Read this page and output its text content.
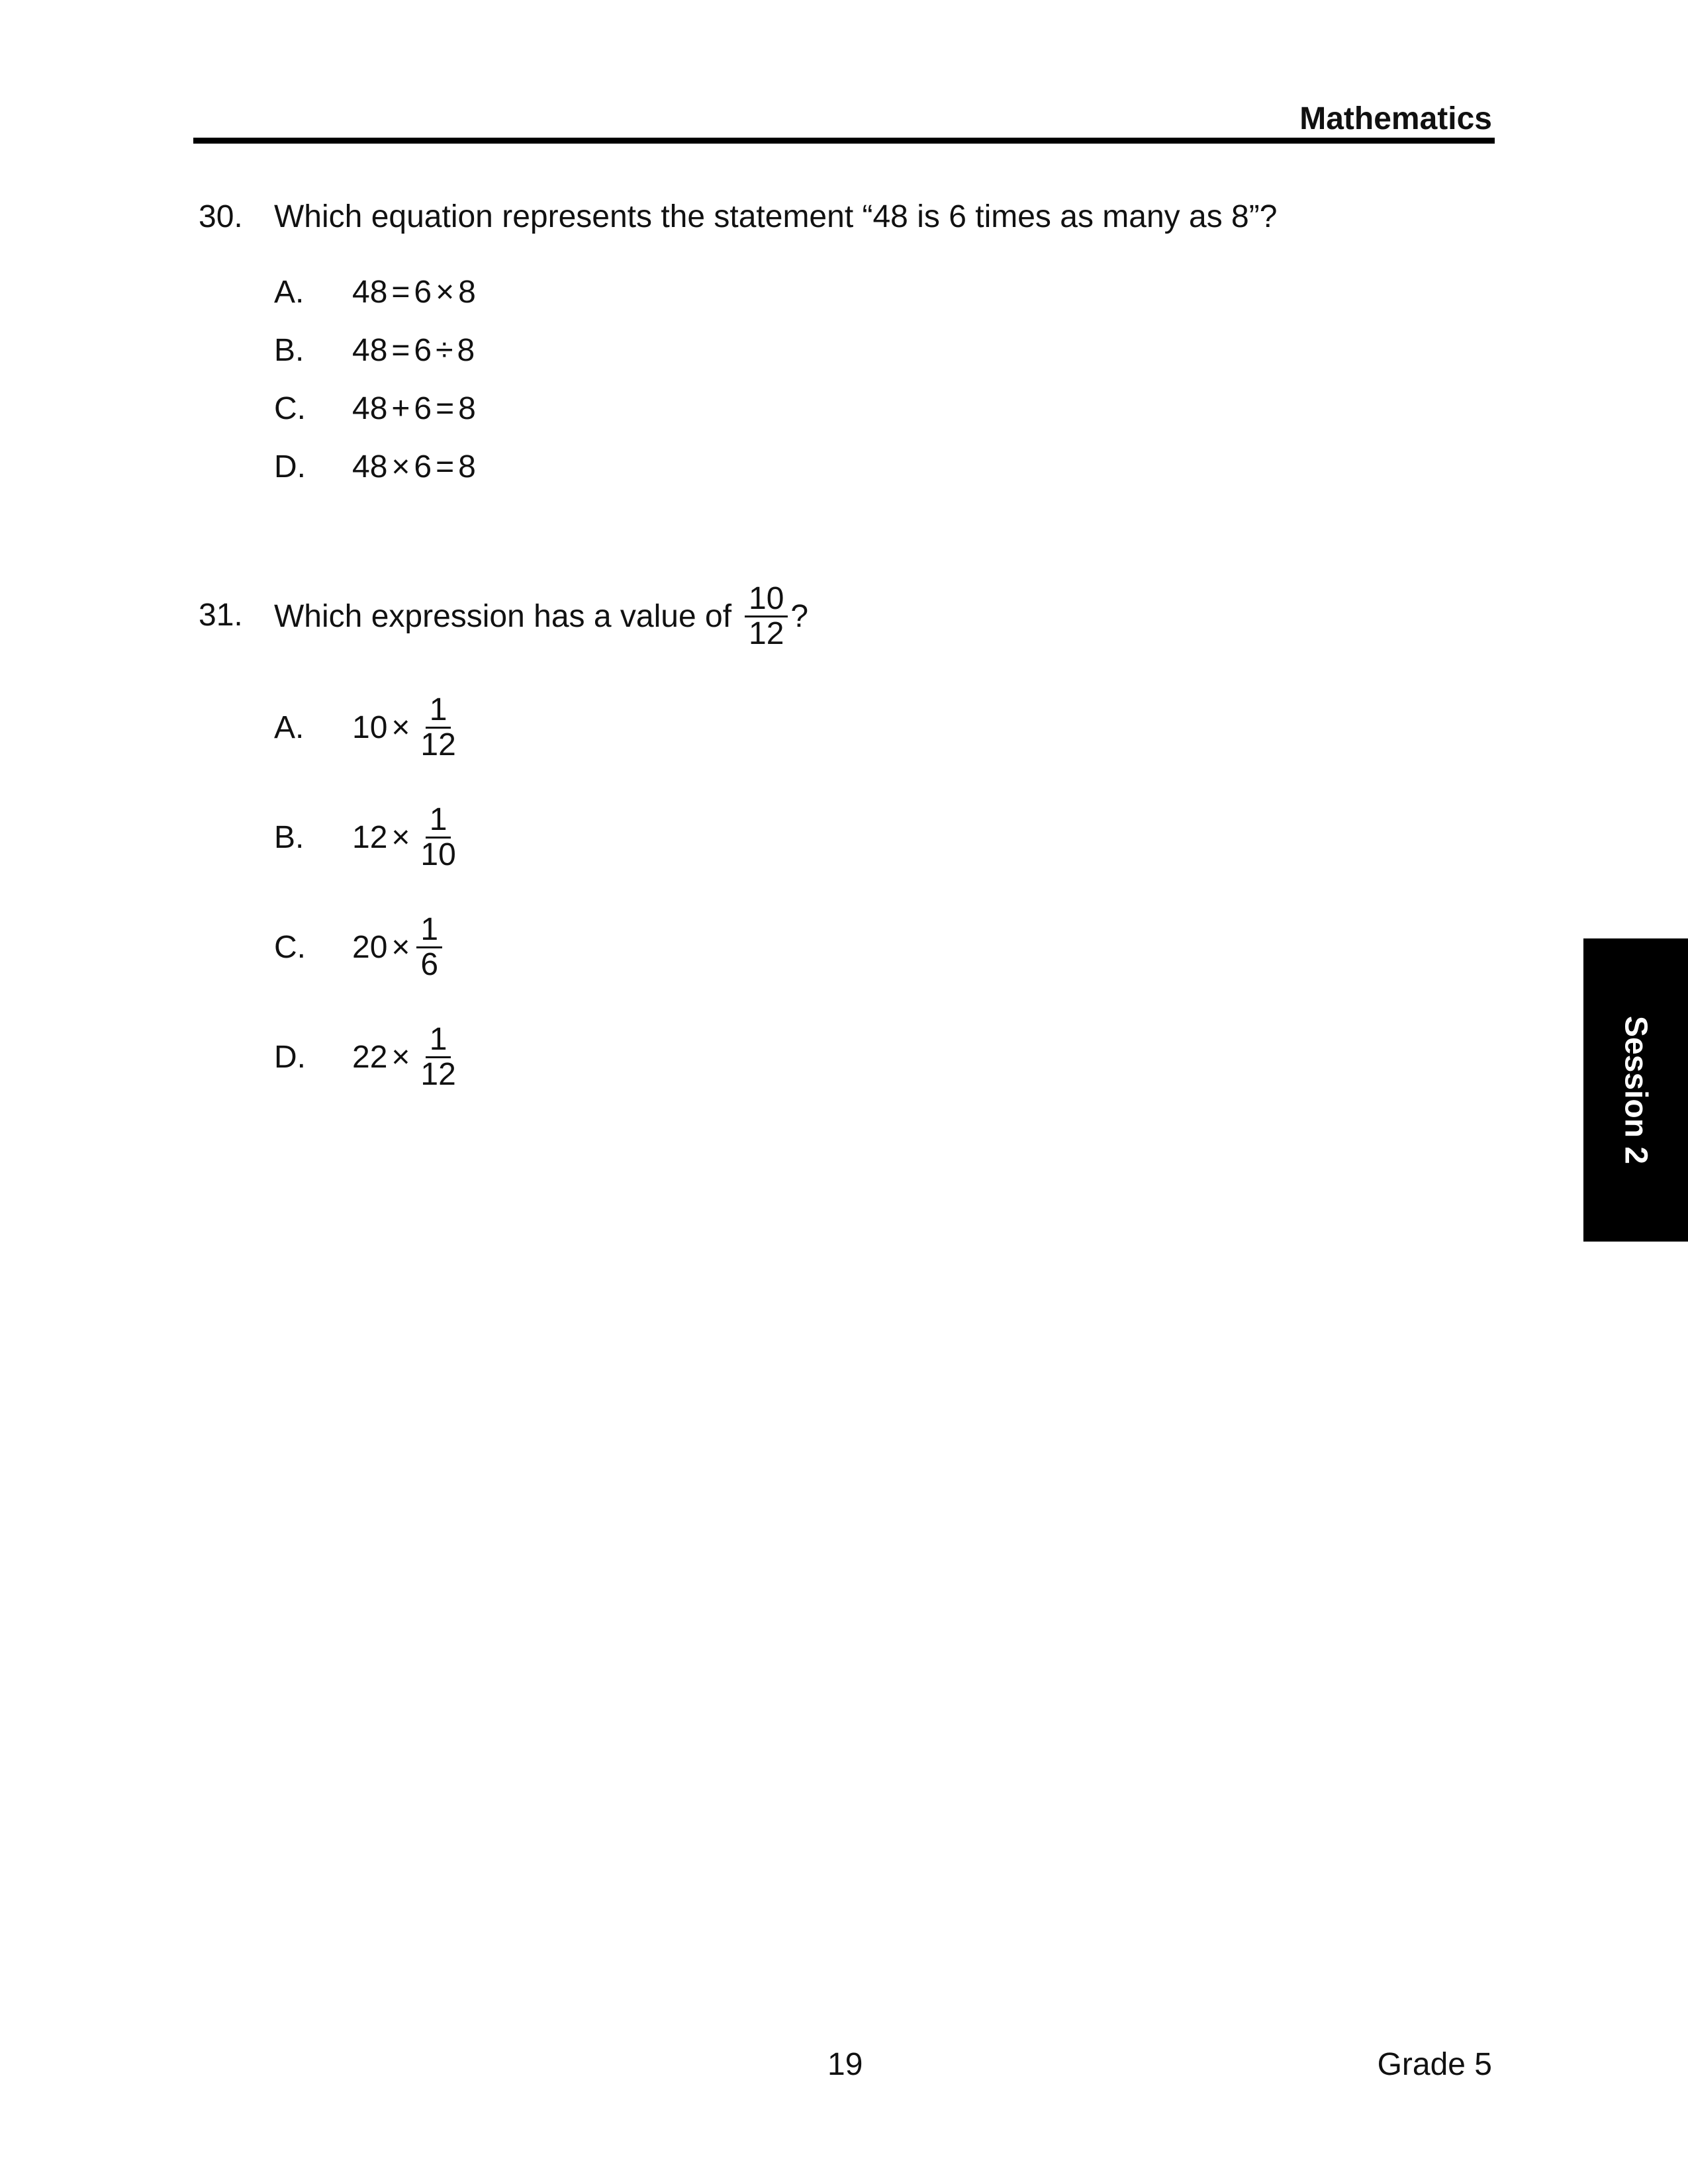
Mathematics
30. Which equation represents the statement “48 is 6 times as many as 8”?
A. 48 = 6 × 8
B. 48 = 6 ÷ 8
C. 48 + 6 = 8
D. 48 × 6 = 8
31. Which expression has a value of $\frac{10}{12}$ ?
A. $10 \times \frac{1}{12}$
B. $12 \times \frac{1}{10}$
C. $20 \times \frac{1}{6}$
D. $22 \times \frac{1}{12}$	Session 2
19	Grade 5
